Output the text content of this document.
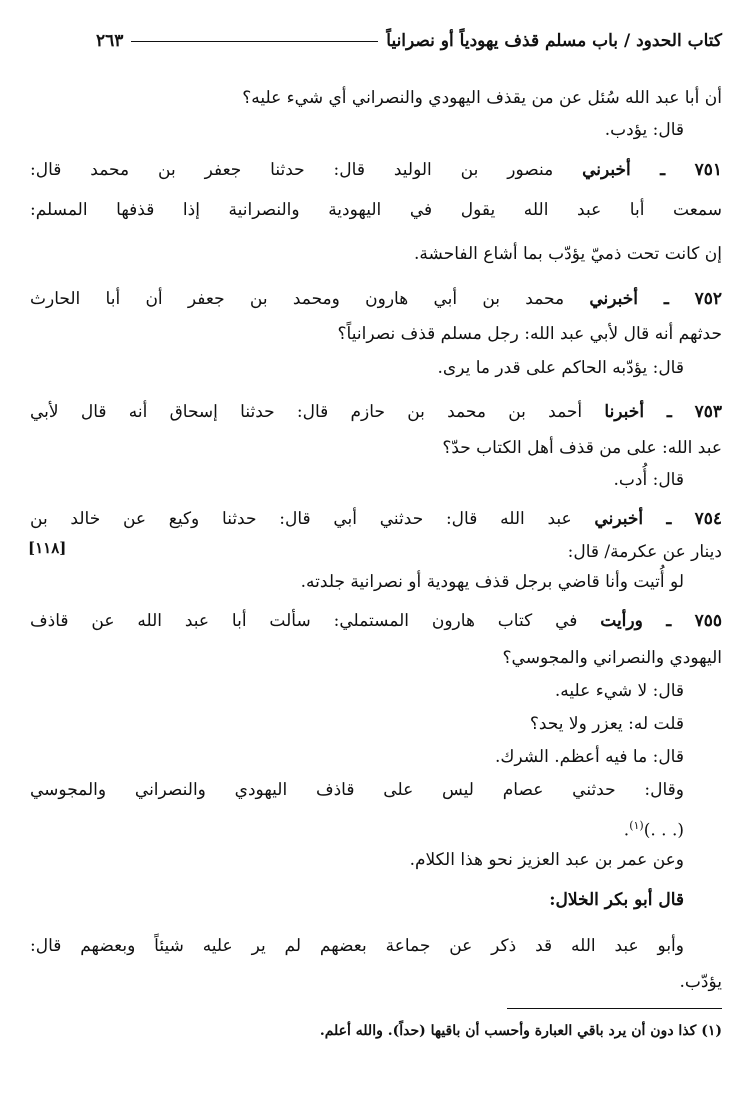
كتاب الحدود / باب مسلم قذف يهودياً أو نصرانياً
٢٦٣
أن أبا عبد الله سُئل عن من يقذف اليهودي والنصراني أي شيء عليه؟
قال: يؤدب.
٧٥١ ـ أخبرني منصور بن الوليد قال: حدثنا جعفر بن محمد قال:
سمعت أبا عبد الله يقول في اليهودية والنصرانية إذا قذفها المسلم:
إن كانت تحت ذميّ يؤدّب بما أشاع الفاحشة.
٧٥٢ ـ أخبرني محمد بن أبي هارون ومحمد بن جعفر أن أبا الحارث
حدثهم أنه قال لأبي عبد الله: رجل مسلم قذف نصرانياً؟
قال: يؤدّبه الحاكم على قدر ما يرى.
٧٥٣ ـ أخبرنا أحمد بن محمد بن حازم قال: حدثنا إسحاق أنه قال لأبي
عبد الله: على من قذف أهل الكتاب حدّ؟
قال: أُدب.
٧٥٤ ـ أخبرني عبد الله قال: حدثني أبي قال: حدثنا وكيع عن خالد بن
دينار عن عكرمة/ قال:
[١١٨]
لو أُتيت وأنا قاضي برجل قذف يهودية أو نصرانية جلدته.
٧٥٥ ـ ورأيت في كتاب هارون المستملي: سألت أبا عبد الله عن قاذف
اليهودي والنصراني والمجوسي؟
قال: لا شيء عليه.
قلت له: يعزر ولا يحد؟
قال: ما فيه أعظم. الشرك.
وقال: حدثني عصام ليس على قاذف اليهودي والنصراني والمجوسي
(. . .)$^{(١)}$.
وعن عمر بن عبد العزيز نحو هذا الكلام.
قال أبو بكر الخلال:
وأبو عبد الله قد ذكر عن جماعة بعضهم لم ير عليه شيئاً وبعضهم قال:
يؤدّب.
(١) كذا دون أن يرد باقي العبارة وأحسب أن باقيها (حداً). والله أعلم.
